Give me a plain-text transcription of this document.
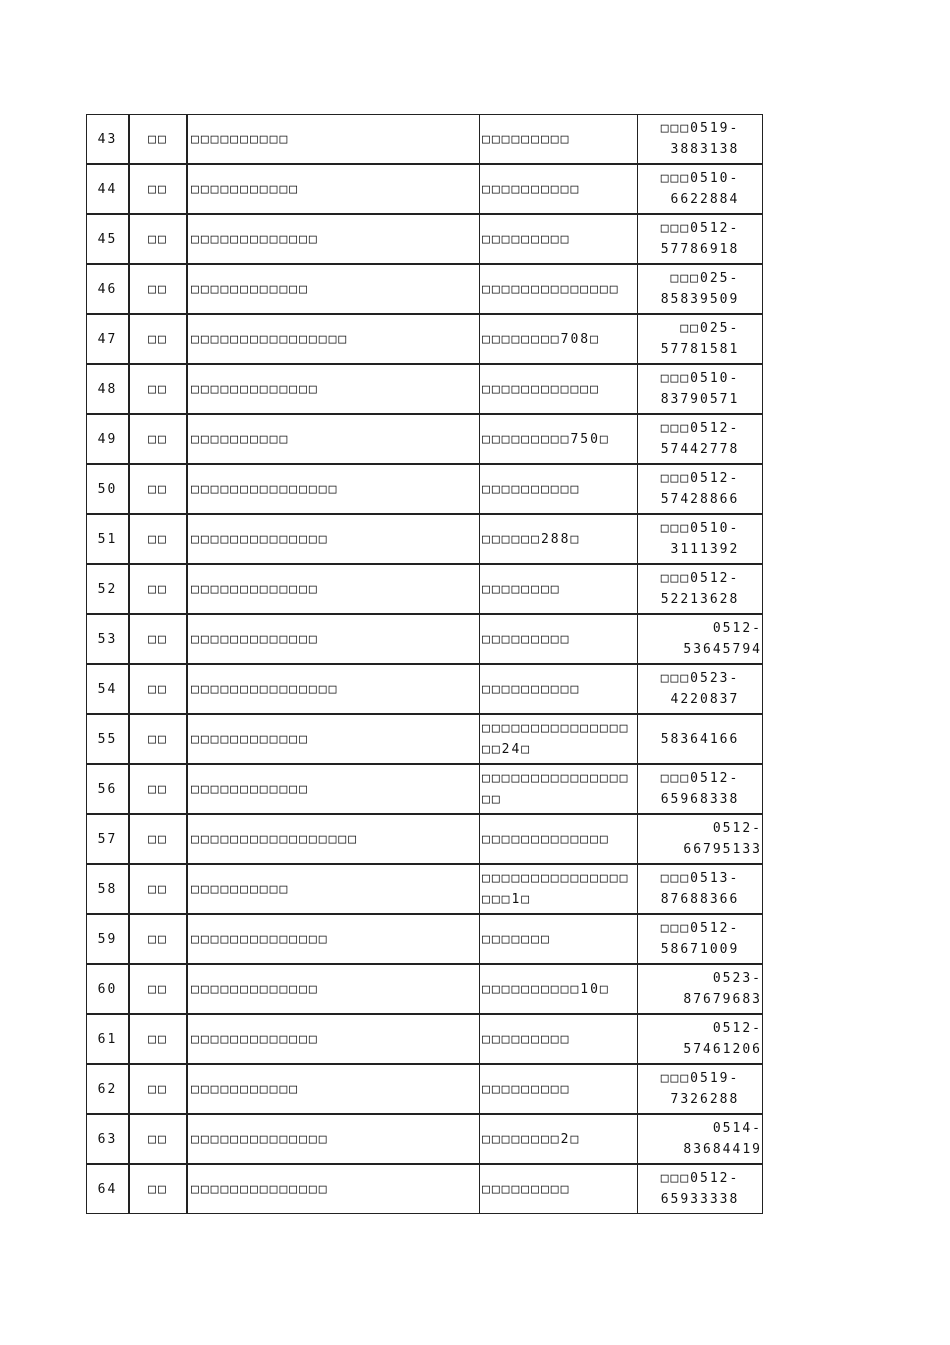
43	□□	□□□□□□□□□□	□□□□□□□□□	□□□0519-
3883138
44	□□	□□□□□□□□□□□	□□□□□□□□□□	□□□0510-
6622884
45	□□	□□□□□□□□□□□□□	□□□□□□□□□	□□□0512-
57786918
46	□□	□□□□□□□□□□□□	□□□□□□□□□□□□□□	□□□025-
85839509
47	□□	□□□□□□□□□□□□□□□□	□□□□□□□□708□	□□025-
57781581
48	□□	□□□□□□□□□□□□□	□□□□□□□□□□□□	□□□0510-
83790571
49	□□	□□□□□□□□□□	□□□□□□□□□750□	□□□0512-
57442778
50	□□	□□□□□□□□□□□□□□□	□□□□□□□□□□	□□□0512-
57428866
51	□□	□□□□□□□□□□□□□□	□□□□□□288□	□□□0510-
3111392
52	□□	□□□□□□□□□□□□□	□□□□□□□□	□□□0512-
52213628
53	□□	□□□□□□□□□□□□□	□□□□□□□□□	0512-53645794
54	□□	□□□□□□□□□□□□□□□	□□□□□□□□□□	□□□0523-
4220837
55	□□	□□□□□□□□□□□□	□□□□□□□□□□□□□□□□□24□	58364166
56	□□	□□□□□□□□□□□□	□□□□□□□□□□□□□□□□□	□□□0512-
65968338
57	□□	□□□□□□□□□□□□□□□□□	□□□□□□□□□□□□□	0512-66795133
58	□□	□□□□□□□□□□	□□□□□□□□□□□□□□□□□□1□	□□□0513-
87688366
59	□□	□□□□□□□□□□□□□□	□□□□□□□	□□□0512-
58671009
60	□□	□□□□□□□□□□□□□	□□□□□□□□□□10□	0523-87679683
61	□□	□□□□□□□□□□□□□	□□□□□□□□□	0512-57461206
62	□□	□□□□□□□□□□□	□□□□□□□□□	□□□0519-
7326288
63	□□	□□□□□□□□□□□□□□	□□□□□□□□2□	0514-83684419
64	□□	□□□□□□□□□□□□□□	□□□□□□□□□	□□□0512-
65933338
